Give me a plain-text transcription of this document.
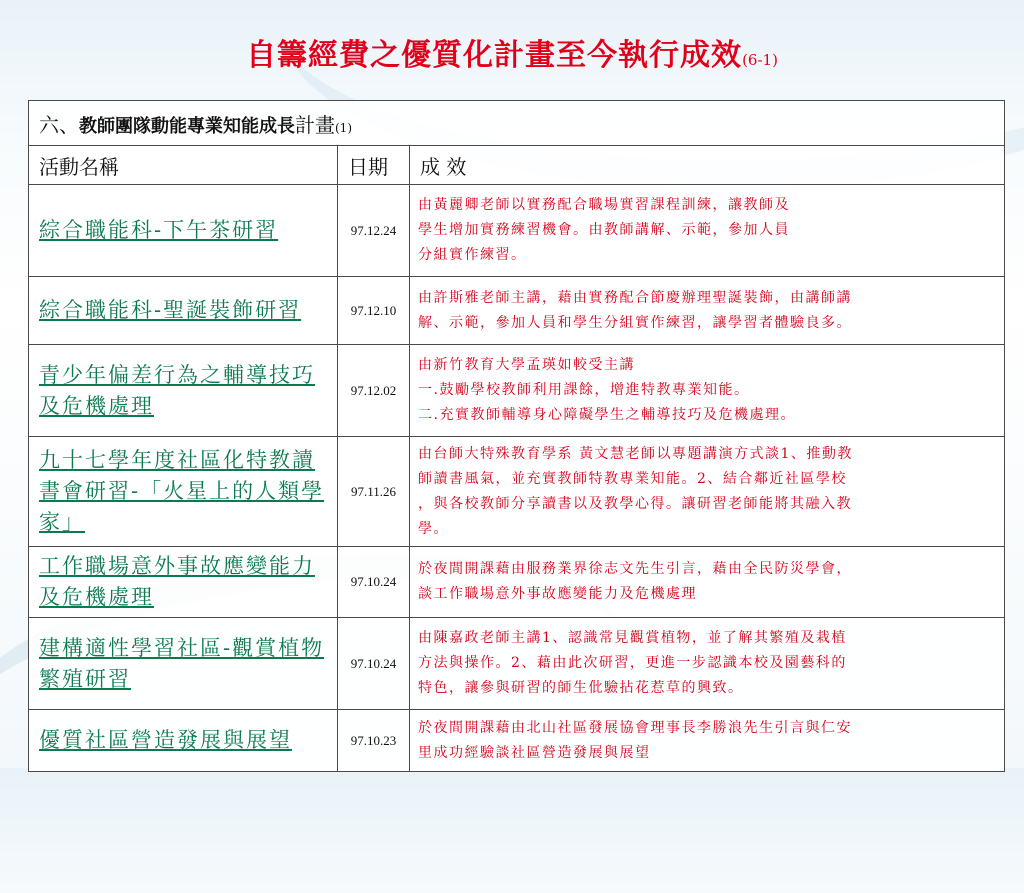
自籌經費之優質化計畫至今執行成效(6-1)
六、教師團隊動能專業知能成長計畫(1)		
活動名稱	日期	成 效
綜合職能科-下午茶研習	97.12.24	由黃麗卿老師以實務配合職場實習課程訓練，讓教師及
學生增加實務練習機會。由教師講解、示範，參加人員
分組實作練習。

綜合職能科-聖誕裝飾研習	97.12.10	由許斯雅老師主講，藉由實務配合節慶辦理聖誕裝飾，由講師講
解、示範，參加人員和學生分組實作練習，讓學習者體驗良多。

青少年偏差行為之輔導技巧及危機處理	97.12.02	由新竹教育大學孟瑛如較受主講
一.鼓勵學校教師利用課餘，增進特教專業知能。
二.充實教師輔導身心障礙學生之輔導技巧及危機處理。

九十七學年度社區化特教讀書會研習-「火星上的人類學家」	97.11.26	由台師大特殊教育學系 黃文慧老師以專題講演方式談1、推動教
師讀書風氣，並充實教師特教專業知能。2、結合鄰近社區學校
，與各校教師分享讀書以及教學心得。讓研習老師能將其融入教
學。

工作職場意外事故應變能力及危機處理	97.10.24	於夜間開課藉由服務業界徐志文先生引言，藉由全民防災學會，
談工作職場意外事故應變能力及危機處理

建構適性學習社區-觀賞植物繁殖研習	97.10.24	由陳嘉政老師主講1、認識常見觀賞植物，並了解其繁殖及栽植
方法與操作。2、藉由此次研習，更進一步認識本校及園藝科的
特色，讓參與研習的師生仳驗拈花惹草的興致。

優質社區營造發展與展望	97.10.23	於夜間開課藉由北山社區發展協會理事長李勝浪先生引言與仁安
里成功經驗談社區營造發展與展望
